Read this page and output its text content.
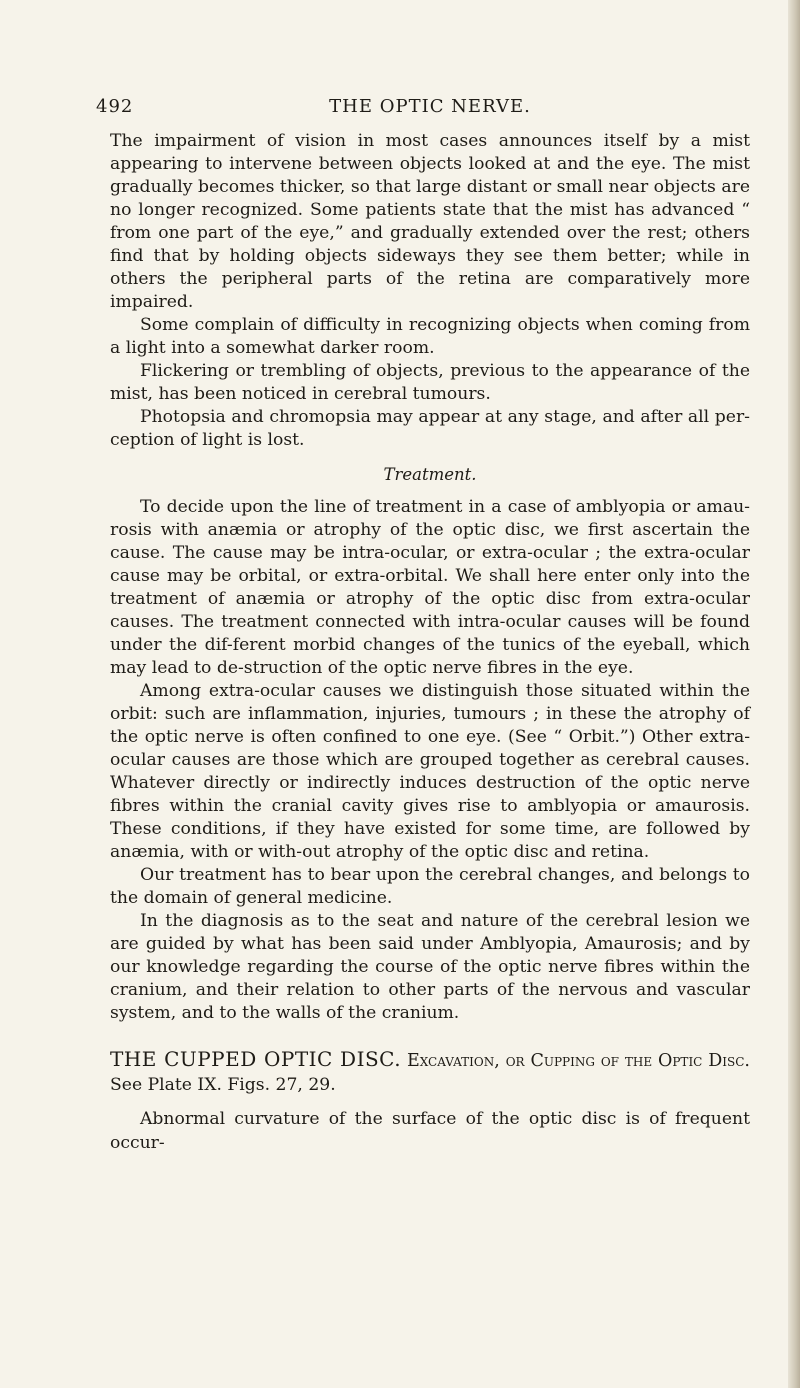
492	THE OPTIC NERVE.

The impairment of vision in most cases announces itself by a mist appearing to intervene between objects looked at and the eye. The mist gradually becomes thicker, so that large distant or small near objects are no longer recognized. Some patients state that the mist has advanced “ from one part of the eye,” and gradually extended over the rest; others find that by holding objects sideways they see them better; while in others the peripheral parts of the retina are comparatively more impaired.

Some complain of difficulty in recognizing objects when coming from a light into a somewhat darker room.

Flickering or trembling of objects, previous to the appearance of the mist, has been noticed in cerebral tumours.

Photopsia and chromopsia may appear at any stage, and after all per-ception of light is lost.

Treatment.

To decide upon the line of treatment in a case of amblyopia or amau-rosis with anæmia or atrophy of the optic disc, we first ascertain the cause. The cause may be intra-ocular, or extra-ocular ; the extra-ocular cause may be orbital, or extra-orbital. We shall here enter only into the treatment of anæmia or atrophy of the optic disc from extra-ocular causes. The treatment connected with intra-ocular causes will be found under the dif-ferent morbid changes of the tunics of the eyeball, which may lead to de-struction of the optic nerve fibres in the eye.

Among extra-ocular causes we distinguish those situated within the orbit: such are inflammation, injuries, tumours ; in these the atrophy of the optic nerve is often confined to one eye. (See “ Orbit.”) Other extra-ocular causes are those which are grouped together as cerebral causes. Whatever directly or indirectly induces destruction of the optic nerve fibres within the cranial cavity gives rise to amblyopia or amaurosis. These conditions, if they have existed for some time, are followed by anæmia, with or with-out atrophy of the optic disc and retina.

Our treatment has to bear upon the cerebral changes, and belongs to the domain of general medicine.

In the diagnosis as to the seat and nature of the cerebral lesion we are guided by what has been said under Amblyopia, Amaurosis; and by our knowledge regarding the course of the optic nerve fibres within the cranium, and their relation to other parts of the nervous and vascular system, and to the walls of the cranium.

THE CUPPED OPTIC DISC. Excavation, or Cupping of the Optic Disc. See Plate IX. Figs. 27, 29.

Abnormal curvature of the surface of the optic disc is of frequent occur-
